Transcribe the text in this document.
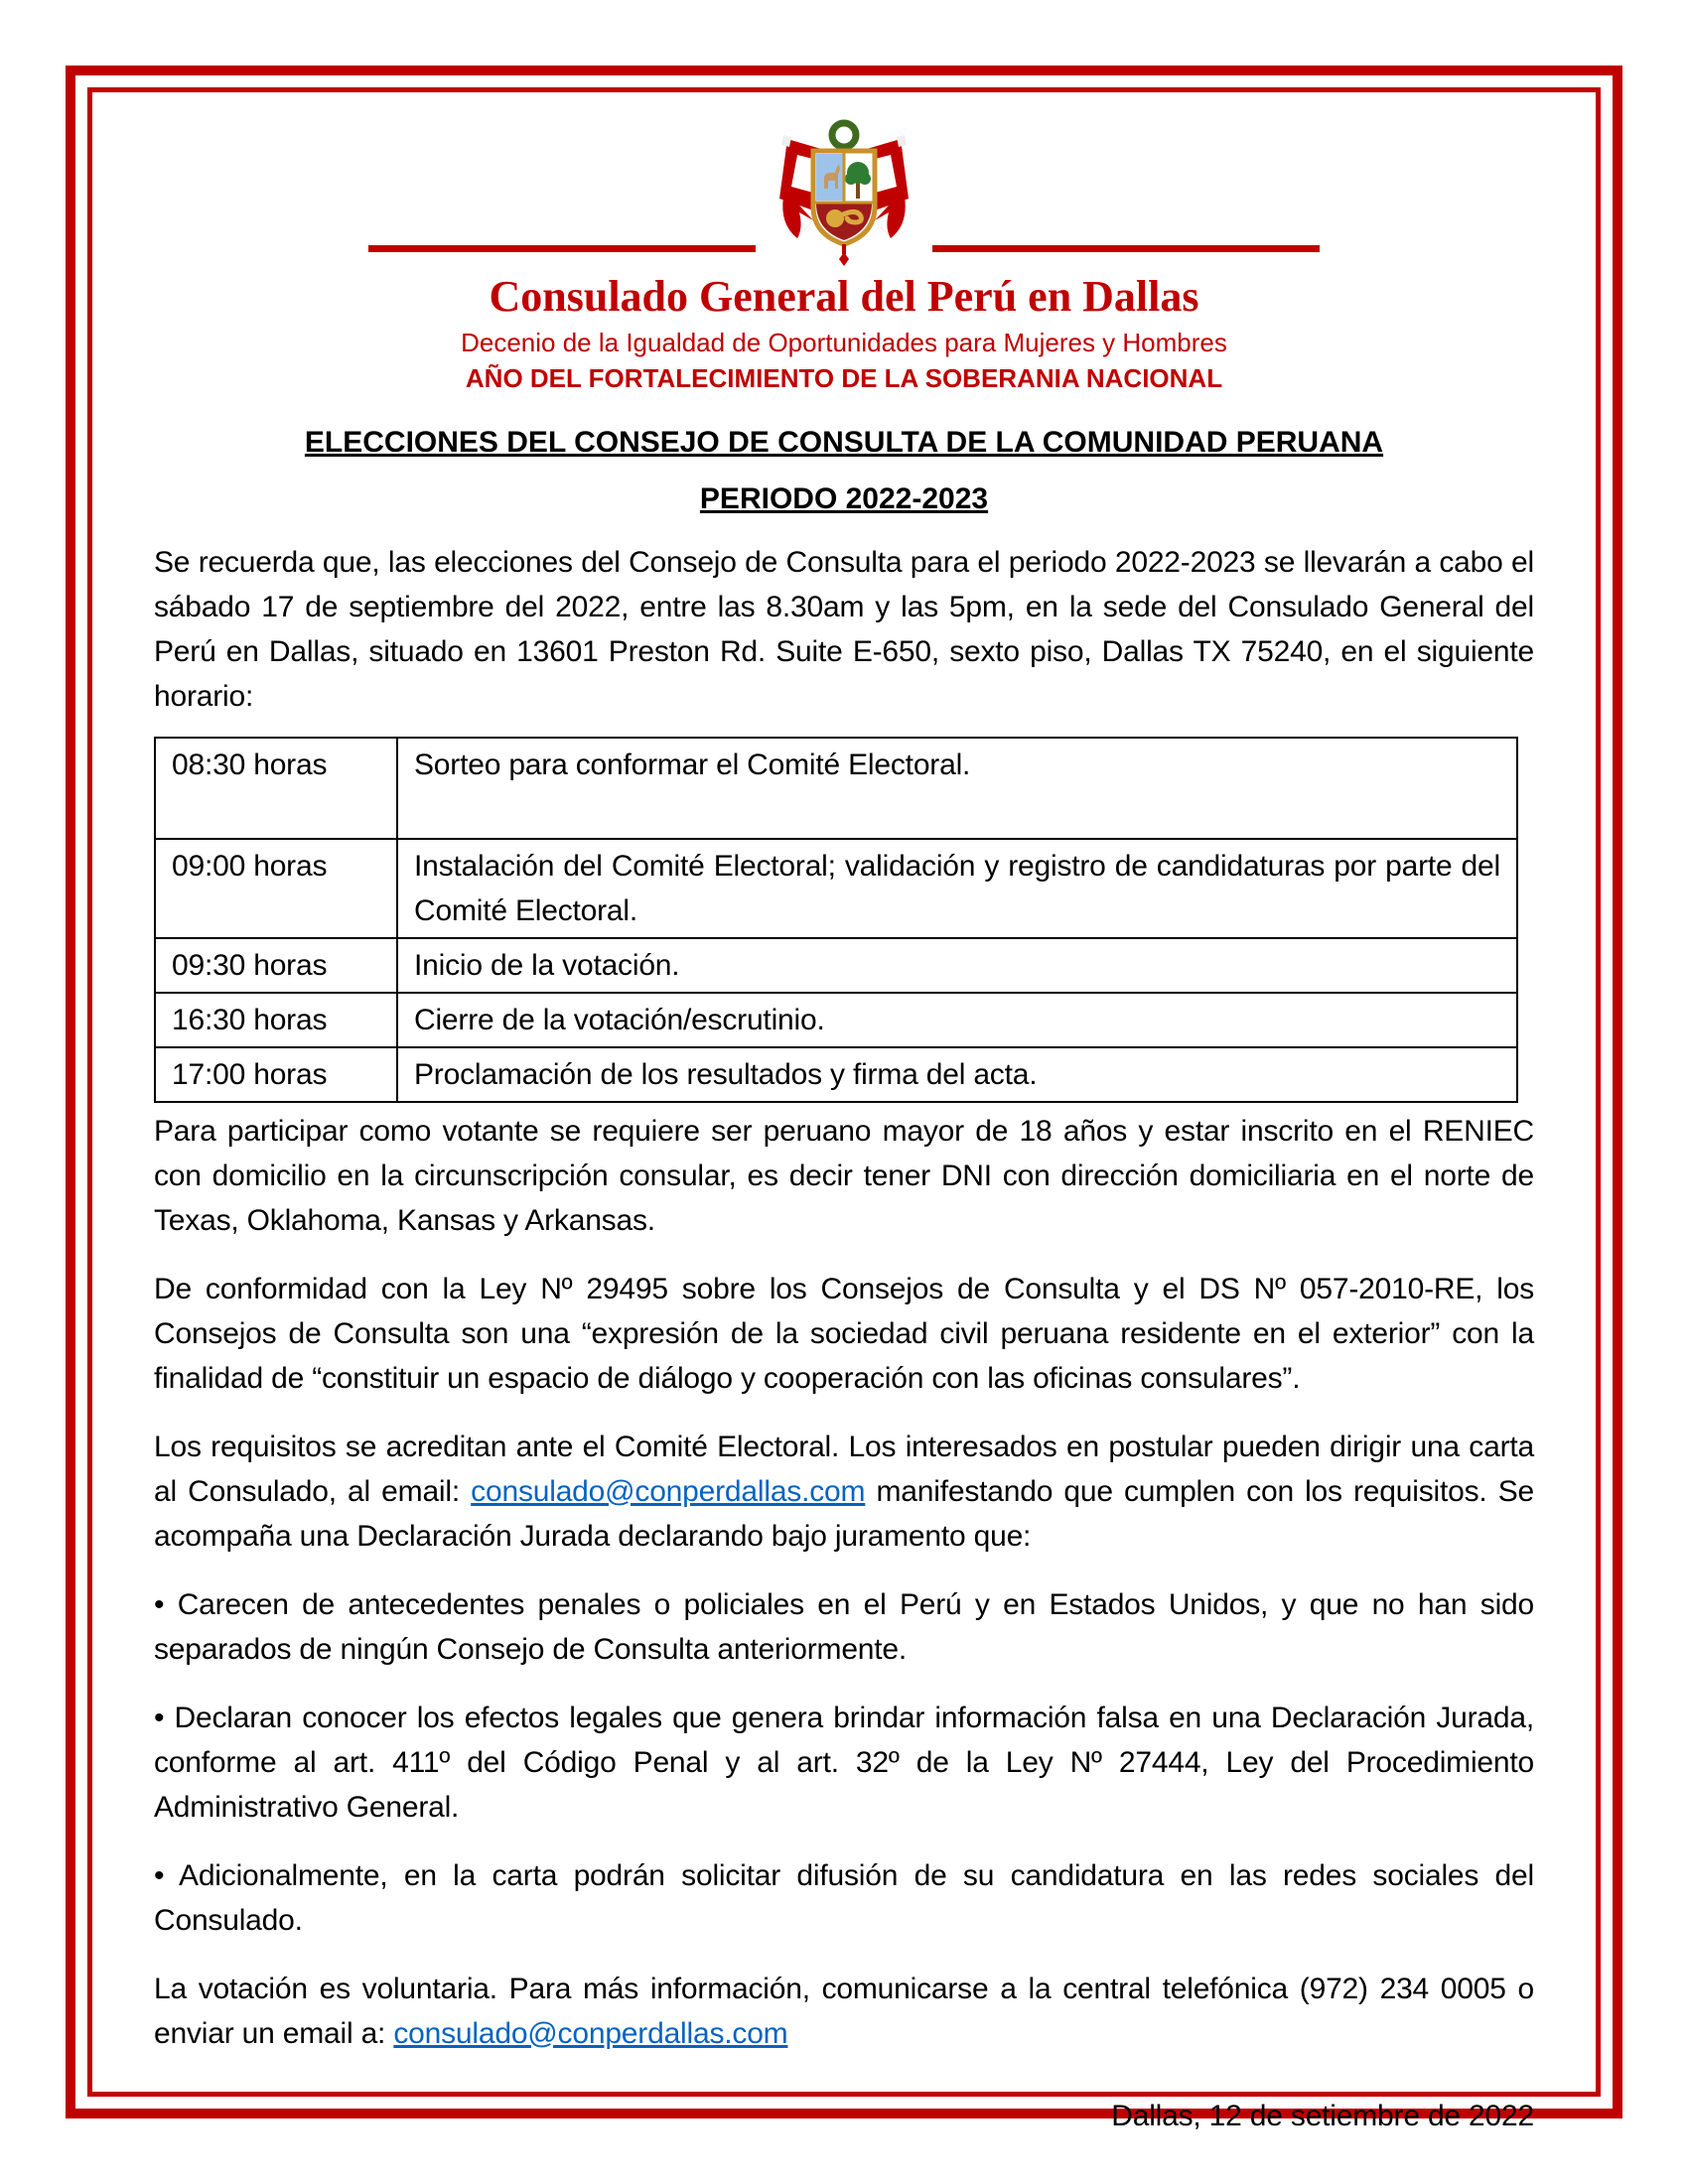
Consulado General del Perú en Dallas
Decenio de la Igualdad de Oportunidades para Mujeres y Hombres
AÑO DEL FORTALECIMIENTO DE LA SOBERANIA NACIONAL
ELECCIONES DEL CONSEJO DE CONSULTA DE LA COMUNIDAD PERUANA
PERIODO 2022-2023

Se recuerda que, las elecciones del Consejo de Consulta para el periodo 2022-2023 se llevarán a cabo el sábado 17 de septiembre del 2022, entre las 8.30am y las 5pm, en la sede del Consulado General del Perú en Dallas, situado en 13601 Preston Rd. Suite E-650, sexto piso, Dallas TX 75240, en el siguiente horario:

08:30 horas	Sorteo para conformar el Comité Electoral.
09:00 horas	Instalación del Comité Electoral; validación y registro de candidaturas por parte del Comité Electoral.
09:30 horas	Inicio de la votación.
16:30 horas	Cierre de la votación/escrutinio.
17:00 horas	Proclamación de los resultados y firma del acta.

Para participar como votante se requiere ser peruano mayor de 18 años y estar inscrito en el RENIEC con domicilio en la circunscripción consular, es decir tener DNI con dirección domiciliaria en el norte de Texas, Oklahoma, Kansas y Arkansas.

De conformidad con la Ley Nº 29495 sobre los Consejos de Consulta y el DS Nº 057-2010-RE, los Consejos de Consulta son una “expresión de la sociedad civil peruana residente en el exterior” con la finalidad de “constituir un espacio de diálogo y cooperación con las oficinas consulares”.

Los requisitos se acreditan ante el Comité Electoral. Los interesados en postular pueden dirigir una carta al Consulado, al email: consulado@conperdallas.com manifestando que cumplen con los requisitos. Se acompaña una Declaración Jurada declarando bajo juramento que:

• Carecen de antecedentes penales o policiales en el Perú y en Estados Unidos, y que no han sido separados de ningún Consejo de Consulta anteriormente.

• Declaran conocer los efectos legales que genera brindar información falsa en una Declaración Jurada, conforme al art. 411º del Código Penal y al art. 32º de la Ley Nº 27444, Ley del Procedimiento Administrativo General.

• Adicionalmente, en la carta podrán solicitar difusión de su candidatura en las redes sociales del Consulado.

La votación es voluntaria. Para más información, comunicarse a la central telefónica (972) 234 0005 o enviar un email a: consulado@conperdallas.com

Dallas, 12 de setiembre de 2022
